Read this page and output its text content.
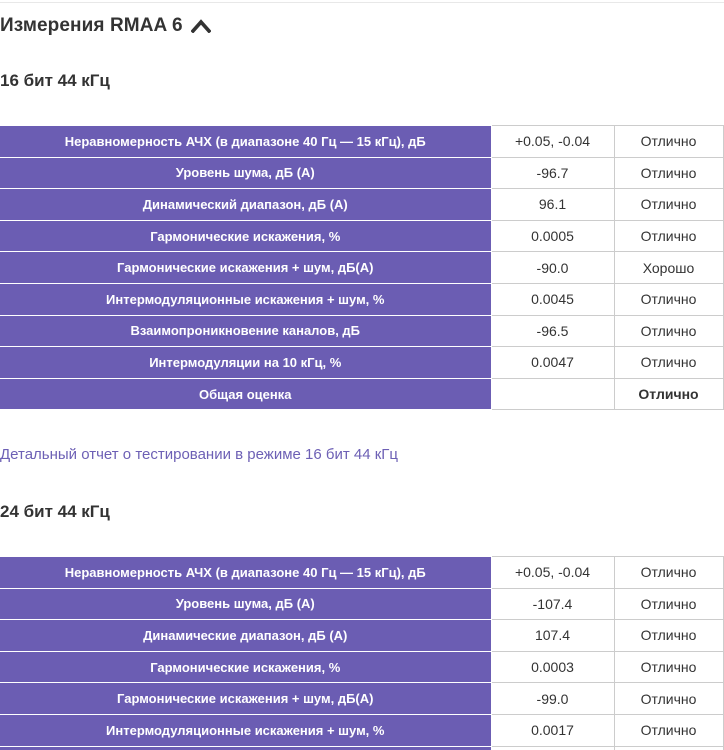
Измерения RMAA 6
16 бит 44 кГц
Неравномерность АЧХ (в диапазоне 40 Гц — 15 кГц), дБ	+0.05, -0.04	Отлично
Уровень шума, дБ (A)	-96.7	Отлично
Динамический диапазон, дБ (A)	96.1	Отлично
Гармонические искажения, %	0.0005	Отлично
Гармонические искажения + шум, дБ(A)	-90.0	Хорошо
Интермодуляционные искажения + шум, %	0.0045	Отлично
Взаимопроникновение каналов, дБ	-96.5	Отлично
Интермодуляции на 10 кГц, %	0.0047	Отлично
Общая оценка		Отлично
Детальный отчет о тестировании в режиме 16 бит 44 кГц
24 бит 44 кГц
Неравномерность АЧХ (в диапазоне 40 Гц — 15 кГц), дБ	+0.05, -0.04	Отлично
Уровень шума, дБ (A)	-107.4	Отлично
Динамические диапазон, дБ (A)	107.4	Отлично
Гармонические искажения, %	0.0003	Отлично
Гармонические искажения + шум, дБ(A)	-99.0	Отлично
Интермодуляционные искажения + шум, %	0.0017	Отлично
